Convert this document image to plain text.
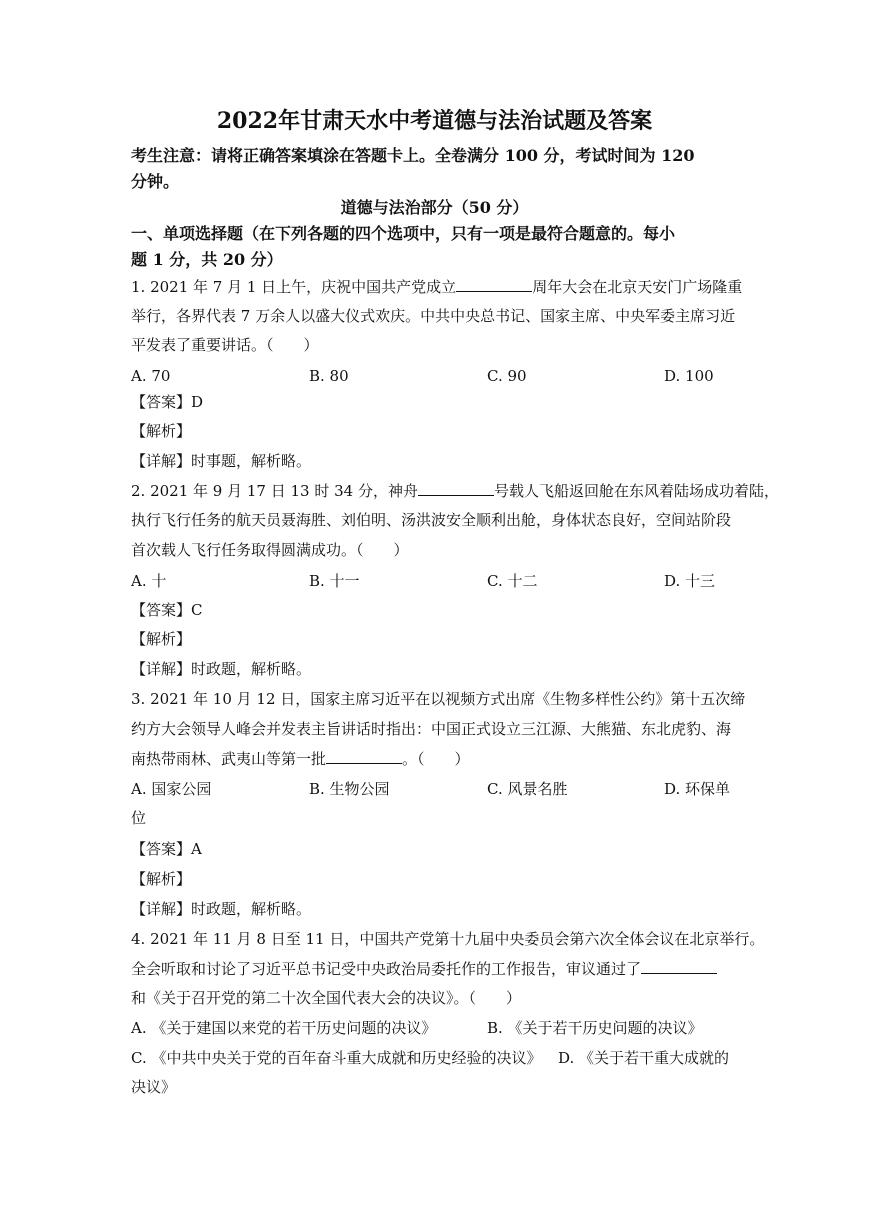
2022年甘肃天水中考道德与法治试题及答案
考生注意：请将正确答案填涂在答题卡上。全卷满分 100 分，考试时间为 120
分钟。
道德与法治部分（50 分）
一、单项选择题（在下列各题的四个选项中，只有一项是最符合题意的。每小
题 1 分，共 20 分）
1. 2021 年 7 月 1 日上午，庆祝中国共产党成立	周年大会在北京天安门广场隆重
举行，各界代表 7 万余人以盛大仪式欢庆。中共中央总书记、国家主席、中央军委主席习近
平发表了重要讲话。（　　）
A. 70	B. 80	C. 90	D. 100
【答案】D
【解析】
【详解】时事题，解析略。
2. 2021 年 9 月 17 日 13 时 34 分，神舟	号载人飞船返回舱在东风着陆场成功着陆，
执行飞行任务的航天员聂海胜、刘伯明、汤洪波安全顺利出舱，身体状态良好，空间站阶段
首次载人飞行任务取得圆满成功。（　　）
A. 十	B. 十一	C. 十二	D. 十三
【答案】C
【解析】
【详解】时政题，解析略。
3. 2021 年 10 月 12 日，国家主席习近平在以视频方式出席《生物多样性公约》第十五次缔
约方大会领导人峰会并发表主旨讲话时指出：中国正式设立三江源、大熊猫、东北虎豹、海
南热带雨林、武夷山等第一批	。（　　）
A. 国家公园	B. 生物公园	C. 风景名胜	D. 环保单
位
【答案】A
【解析】
【详解】时政题，解析略。
4. 2021 年 11 月 8 日至 11 日，中国共产党第十九届中央委员会第六次全体会议在北京举行。
全会听取和讨论了习近平总书记受中央政治局委托作的工作报告，审议通过了
和《关于召开党的第二十次全国代表大会的决议》。（　　）
A. 《关于建国以来党的若干历史问题的决议》	B. 《关于若干历史问题的决议》
C. 《中共中央关于党的百年奋斗重大成就和历史经验的决议》 D. 《关于若干重大成就的
决议》
